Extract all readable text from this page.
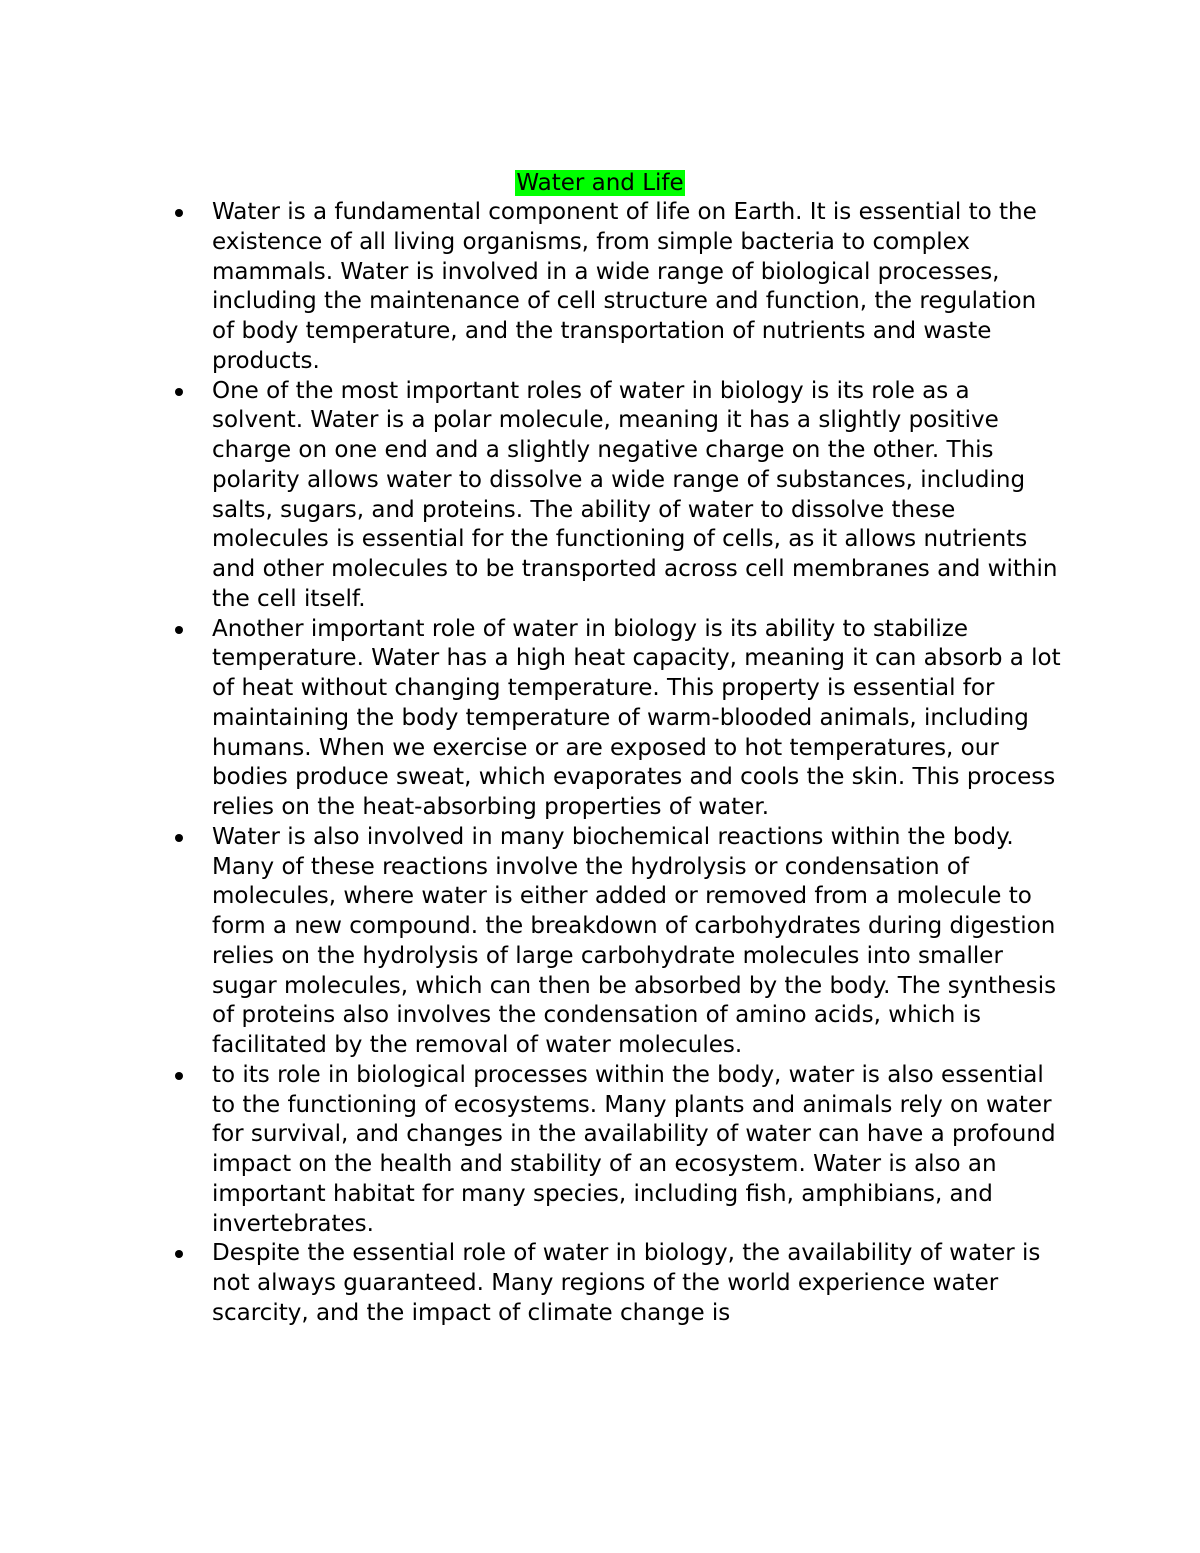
Water and Life
Water is a fundamental component of life on Earth. It is essential to the existence of all living organisms, from simple bacteria to complex mammals. Water is involved in a wide range of biological processes, including the maintenance of cell structure and function, the regulation of body temperature, and the transportation of nutrients and waste products.
One of the most important roles of water in biology is its role as a solvent. Water is a polar molecule, meaning it has a slightly positive charge on one end and a slightly negative charge on the other. This polarity allows water to dissolve a wide range of substances, including salts, sugars, and proteins. The ability of water to dissolve these molecules is essential for the functioning of cells, as it allows nutrients and other molecules to be transported across cell membranes and within the cell itself.
Another important role of water in biology is its ability to stabilize temperature. Water has a high heat capacity, meaning it can absorb a lot of heat without changing temperature. This property is essential for maintaining the body temperature of warm-blooded animals, including humans. When we exercise or are exposed to hot temperatures, our bodies produce sweat, which evaporates and cools the skin. This process relies on the heat-absorbing properties of water.
Water is also involved in many biochemical reactions within the body. Many of these reactions involve the hydrolysis or condensation of molecules, where water is either added or removed from a molecule to form a new compound. the breakdown of carbohydrates during digestion relies on the hydrolysis of large carbohydrate molecules into smaller sugar molecules, which can then be absorbed by the body. The synthesis of proteins also involves the condensation of amino acids, which is facilitated by the removal of water molecules.
to its role in biological processes within the body, water is also essential to the functioning of ecosystems. Many plants and animals rely on water for survival, and changes in the availability of water can have a profound impact on the health and stability of an ecosystem. Water is also an important habitat for many species, including fish, amphibians, and invertebrates.
Despite the essential role of water in biology, the availability of water is not always guaranteed. Many regions of the world experience water scarcity, and the impact of climate change is
